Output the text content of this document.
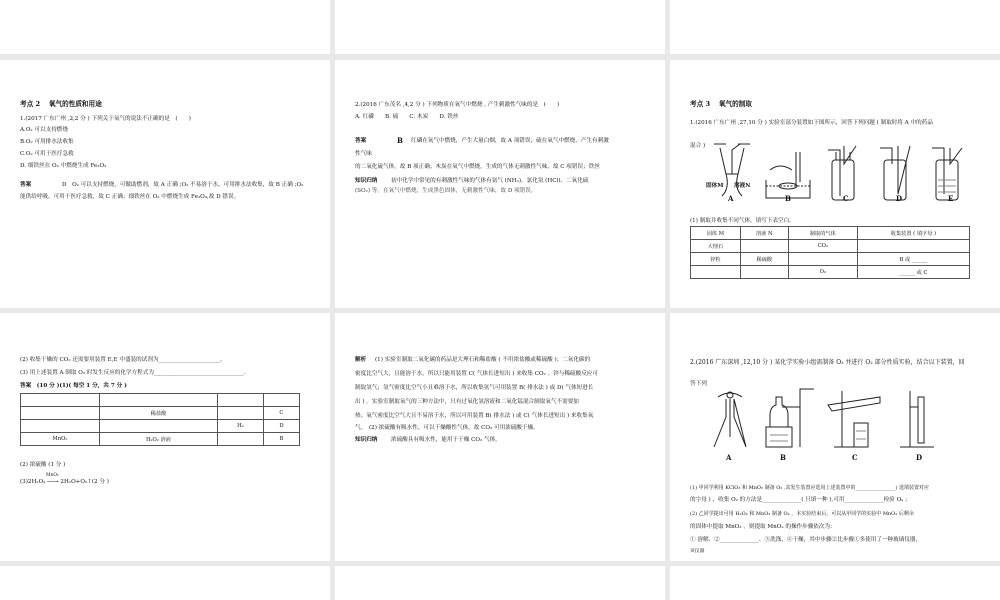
考点 2　 氧气的性质和用途
1.(2017 广东广州 ,2,2 分 ) 下列关于氧气的说法不正确的是　(　　)
A.O₂ 可以支持燃烧
B.O₂ 可用排水法收集
C.O₂ 可用于医疗急救
D. 细铁丝在 O₂ 中燃烧生成 Fe₂O₃
答案	D　O₂ 可以支持燃烧，可做助燃剂，故 A 正确 ;O₂ 不易溶于水，可用排水法收集，故 B 正确 ;O₂
能供给呼吸，可用于医疗急救，故 C 正确；细铁丝在 O₂ 中燃烧生成 Fe₃O₄,故 D 错误。
2.(2016 广东茂名 ,4,2 分 ) 下列物质在氧气中燃烧 , 产生刺激性气味的是　(　　)
A. 红磷　　B. 硫　　C. 木炭　　D. 铁丝
答案	B 红磷在氧气中燃烧，产生大量白烟，故 A 项错误；硫在氧气中燃烧，产生有刺激
性气味
的二氧化硫气体，故 B 项正确；木炭在氧气中燃烧，生成的气体无刺激性气味，故 C 项错误；铁丝
知识归纳 初中化学中常见的有刺激性气味的气体有氨气 (NH₃)、氯化氢 (HCl)、二氧化硫
(SO₂) 等。在氧气中燃烧，生成黑色固体，无刺激性气味，故 D 项错误。
考点 3　 氧气的制取
1.(2016 广东广州 ,27,10 分 ) 实验室部分装置如下图所示，回答下列问题 ( 制取时将 A 中的药品
混合 )
固体M 溶液N
A	B	C	D	E
(1) 制取并收集不同气体，填写下表空白。
固体 M	溶液 N	制取的气体	收集装置 ( 填字母 )
大理石		CO₂	
锌粒	稀硫酸		B 或 ______
		O₂	______ 或 C
(2) 收集干燥的 CO₂ 还需要用装置 E,E 中盛装的试剂为______________________。
(3) 用上述装置 A 制取 O₂ 时发生反应的化学方程式为________________________________。
答案　(10 分 )(1)( 每空 1 分，共 7 分 )

	稀盐酸		C
		H₂	D
MnO₂	H₂O₂ 溶液		B
(2) 浓硫酸 (1 分 )
MnO₂
(3)2H₂O₂ ──→ 2H₂O+O₂↑(2 分 )
解析 (1) 实验室制取二氧化碳的药品是大理石和稀盐酸 ( 不用浓盐酸或稀硫酸 )；二氧化碳的
密度比空气大，且能溶于水，所以只能用装置 C( 气体长进短出 ) 来收集 CO₂ 。锌与稀硫酸反应可
制取氢气；氢气密度比空气小且难溶于水，所以收集氢气可用装置 B( 排水法 ) 或 D( 气体短进长
出 ) 。实验室制取氧气的三种方法中，只有过氧化氢溶液和二氧化锰混合制取氧气不需要加
热；氧气密度比空气大且不易溶于水，所以可用装置 B( 排水法 ) 或 C( 气体长进短出 ) 来收集氧
气。　(2) 浓硫酸有吸水性，可以干燥酸性气体，故 CO₂ 可用浓硫酸干燥。
知识归纳 浓硫酸具有吸水性，能用于干燥 CO₂ 气体。
2.(2016 广东深圳 ,12,10 分 ) 某化学实验小组需制备 O₂ 并进行 O₂ 部分性质实验，结合以下装置，回
答下列
A	B	C	D
(1) 甲同学利用 KClO₃ 和 MnO₂ 制备 O₂ ,其发生装置应选用上述装置中的________________( 选填装置对应
的字母 ) ，收集 O₂ 的方法是______________( 只填一种 ),可用______________检验 O₂ ;
(2) 乙同学提出可用 H₂O₂ 和 MnO₂ 制备 O₂ ，本实验结束后，可以从甲同学的实验中 MnO₂ 后剩余
的固体中提取 MnO₂ ，则提取 MnO₂ 的操作步骤依次为：
① 溶解、②______________、③洗涤、④干燥，其中步骤②比步骤①多使用了一种玻璃仪器，
该仪器
